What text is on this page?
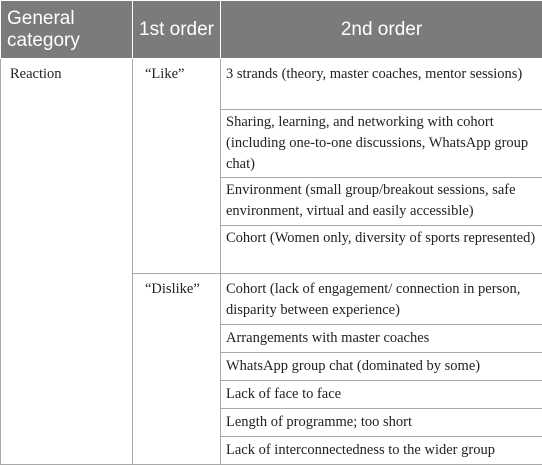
General category	1st order	2nd order
Reaction	“Like”	3 strands (theory, master coaches, mentor sessions)
		Sharing, learning, and networking with cohort (including one-to-one discussions, WhatsApp group chat)
		Environment (small group/breakout sessions, safe environment, virtual and easily accessible)
		Cohort (Women only, diversity of sports represented)
	“Dislike”	Cohort (lack of engagement/ connection in person, disparity between experience)
		Arrangements with master coaches
		WhatsApp group chat (dominated by some)
		Lack of face to face
		Length of programme; too short
		Lack of interconnectedness to the wider group
